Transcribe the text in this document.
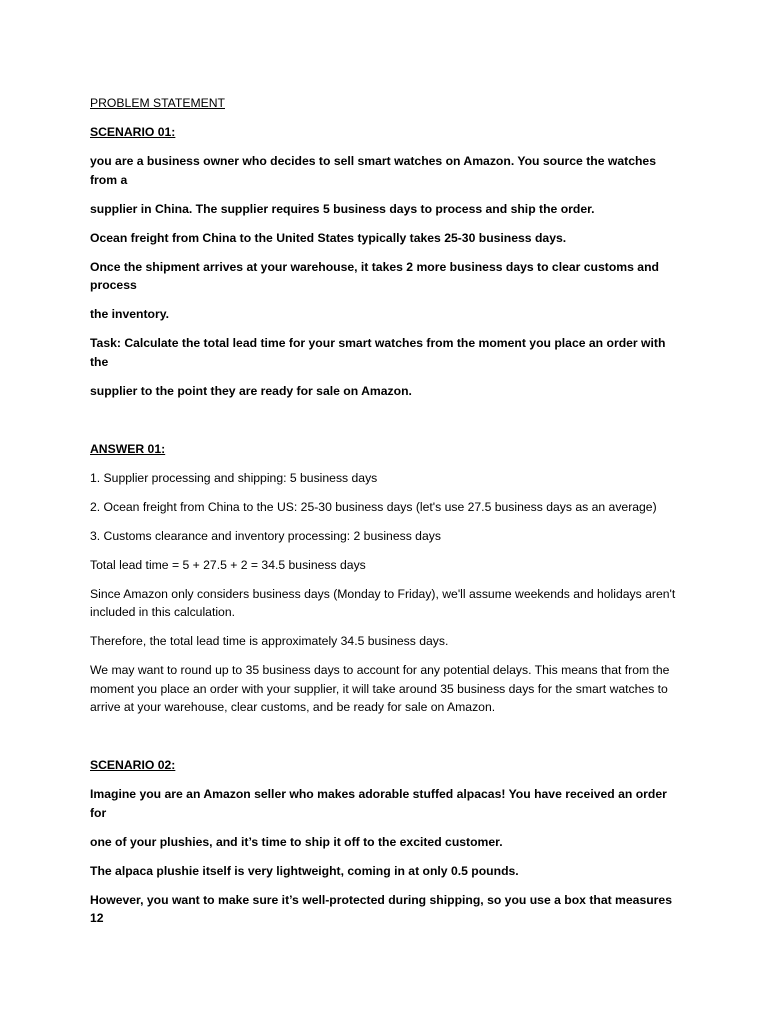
PROBLEM STATEMENT

SCENARIO 01:

you are a business owner who decides to sell smart watches on Amazon. You source the watches from a

supplier in China. The supplier requires 5 business days to process and ship the order.

Ocean freight from China to the United States typically takes 25-30 business days.

Once the shipment arrives at your warehouse, it takes 2 more business days to clear customs and process

the inventory.

Task: Calculate the total lead time for your smart watches from the moment you place an order with the

supplier to the point they are ready for sale on Amazon.

ANSWER 01:

1. Supplier processing and shipping: 5 business days

2. Ocean freight from China to the US: 25-30 business days (let's use 27.5 business days as an average)

3. Customs clearance and inventory processing: 2 business days

Total lead time = 5 + 27.5 + 2 = 34.5 business days

Since Amazon only considers business days (Monday to Friday), we'll assume weekends and holidays aren't included in this calculation.

Therefore, the total lead time is approximately 34.5 business days.

We may want to round up to 35 business days to account for any potential delays. This means that from the moment you place an order with your supplier, it will take around 35 business days for the smart watches to arrive at your warehouse, clear customs, and be ready for sale on Amazon.

SCENARIO 02:

Imagine you are an Amazon seller who makes adorable stuffed alpacas! You have received an order for

one of your plushies, and it’s time to ship it off to the excited customer.

The alpaca plushie itself is very lightweight, coming in at only 0.5 pounds.

However, you want to make sure it’s well-protected during shipping, so you use a box that measures 12
